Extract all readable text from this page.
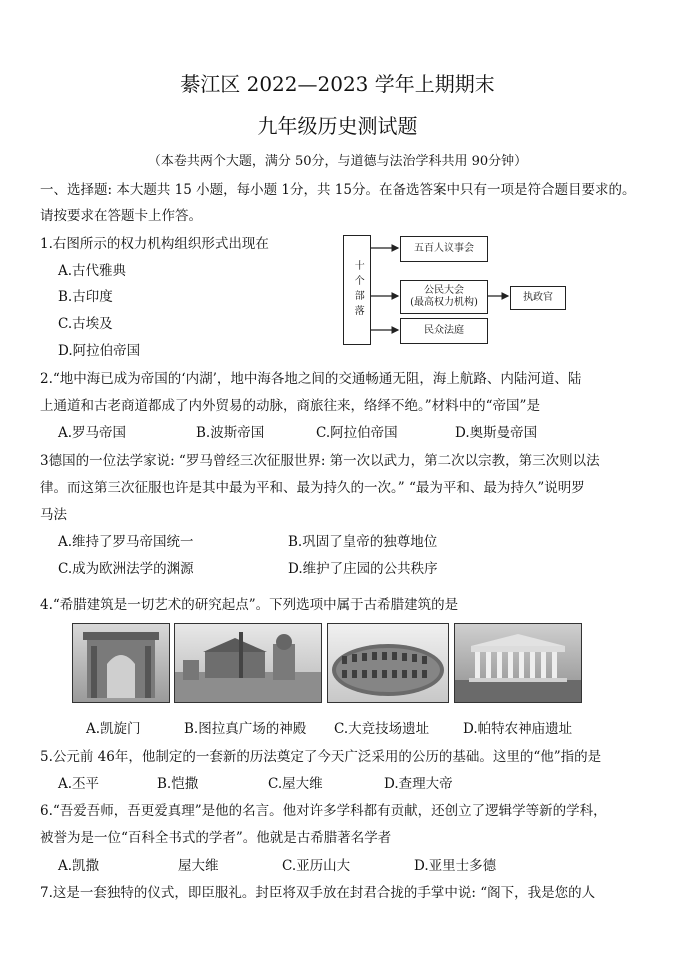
綦江区 2022—2023 学年上期期末
九年级历史测试题
（本卷共两个大题，满分 50分，与道德与法治学科共用 90分钟）
一、选择题: 本大题共 15 小题，每小题 1分，共 15分。在备选答案中只有一项是符合题目要求的。
请按要求在答题卡上作答。
1.右图所示的权力机构组织形式出现在
A.古代雅典
B.古印度
C.古埃及
D.阿拉伯帝国
十个部落
五百人议事会
公民大会
(最高权力机构)
民众法庭
执政官
2.“地中海已成为帝国的‘内湖’，地中海各地之间的交通畅通无阻，海上航路、内陆河道、陆
上通道和古老商道都成了内外贸易的动脉，商旅往来，络绎不绝。”材料中的“帝国”是
A.罗马帝国	B.波斯帝国	C.阿拉伯帝国	D.奥斯曼帝国
3德国的一位法学家说: “罗马曾经三次征服世界: 第一次以武力，第二次以宗教，第三次则以法
律。而这第三次征服也许是其中最为平和、最为持久的一次。” “最为平和、最为持久”说明罗
马法
A.维持了罗马帝国统一	B.巩固了皇帝的独尊地位
C.成为欧洲法学的渊源	D.维护了庄园的公共秩序
4.“希腊建筑是一切艺术的研究起点”。下列选项中属于古希腊建筑的是
A.凯旋门	B.图拉真广场的神殿 C.大竞技场遗址	D.帕特农神庙遗址
5.公元前 46年，他制定的一套新的历法奠定了今天广泛采用的公历的基础。这里的“他”指的是
A.丕平	B.恺撒	C.屋大维	D.查理大帝
6.“吾爱吾师，吾更爱真理”是他的名言。他对许多学科都有贡献，还创立了逻辑学等新的学科，
被誉为是一位“百科全书式的学者”。他就是古希腊著名学者
A.凯撒	屋大维	C.亚历山大	D.亚里士多德
7.这是一套独特的仪式，即臣服礼。封臣将双手放在封君合拢的手掌中说: “阁下，我是您的人
